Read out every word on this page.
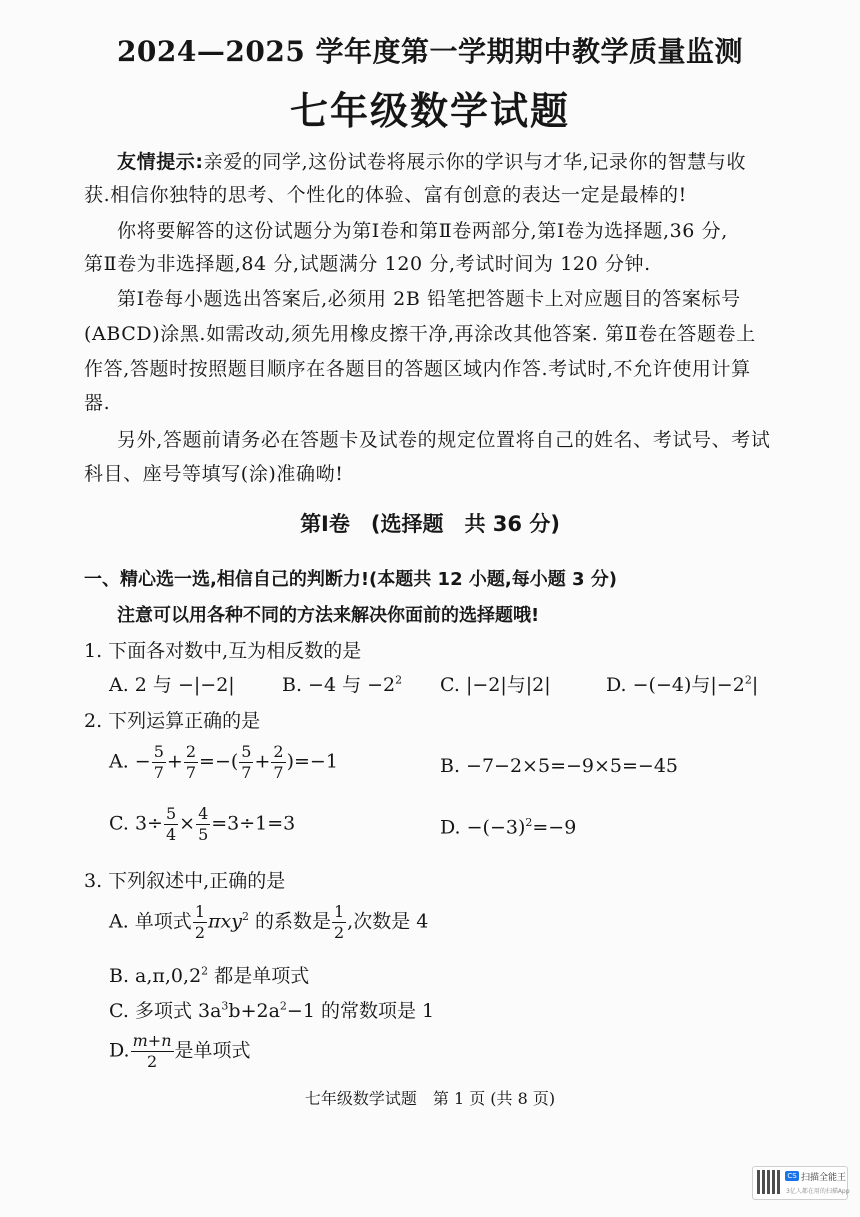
2024—2025 学年度第一学期期中教学质量监测
七年级数学试题
友情提示:亲爱的同学,这份试卷将展示你的学识与才华,记录你的智慧与收
获.相信你独特的思考、个性化的体验、富有创意的表达一定是最棒的!
你将要解答的这份试题分为第Ⅰ卷和第Ⅱ卷两部分,第Ⅰ卷为选择题,36 分,
第Ⅱ卷为非选择题,84 分,试题满分 120 分,考试时间为 120 分钟.
第Ⅰ卷每小题选出答案后,必须用 2B 铅笔把答题卡上对应题目的答案标号
(ABCD)涂黑.如需改动,须先用橡皮擦干净,再涂改其他答案. 第Ⅱ卷在答题卷上
作答,答题时按照题目顺序在各题目的答题区域内作答.考试时,不允许使用计算
器.
另外,答题前请务必在答题卡及试卷的规定位置将自己的姓名、考试号、考试
科目、座号等填写(涂)准确呦!
第Ⅰ卷　(选择题　共 36 分)
一、精心选一选,相信自己的判断力!(本题共 12 小题,每小题 3 分)
注意可以用各种不同的方法来解决你面前的选择题哦!
1. 下面各对数中,互为相反数的是
A. 2 与 −|−2| B. −4 与 $-2^2$ C. |−2|与|2|	D. −(−4)与$|-2^2|$
2. 下列运算正确的是
A. − $\frac{5}{7} + \frac{2}{7}$ =−( $\frac{5}{7} + \frac{2}{7} )=-1$	B. −7−2×5=−9×5=−45
C. $3\div \frac{5}{4} \times \frac{4}{5} =3\div 1=3$	D. $-(-3)^2=-9$
3. 下列叙述中,正确的是
A. 单项式 $\frac{1}{2} \pi xy^2$ 的系数是 $\frac{1}{2}$ ,次数是 4
B. a,π,0,2$^2$ 都是单项式
C. 多项式 $3a^3b+2a^2-1$ 的常数项是 1
D. $\frac{m+n}{2}$ 是单项式
七年级数学试题　第 1 页 (共 8 页)
CS 扫描全能王
3亿人都在用的扫描App
